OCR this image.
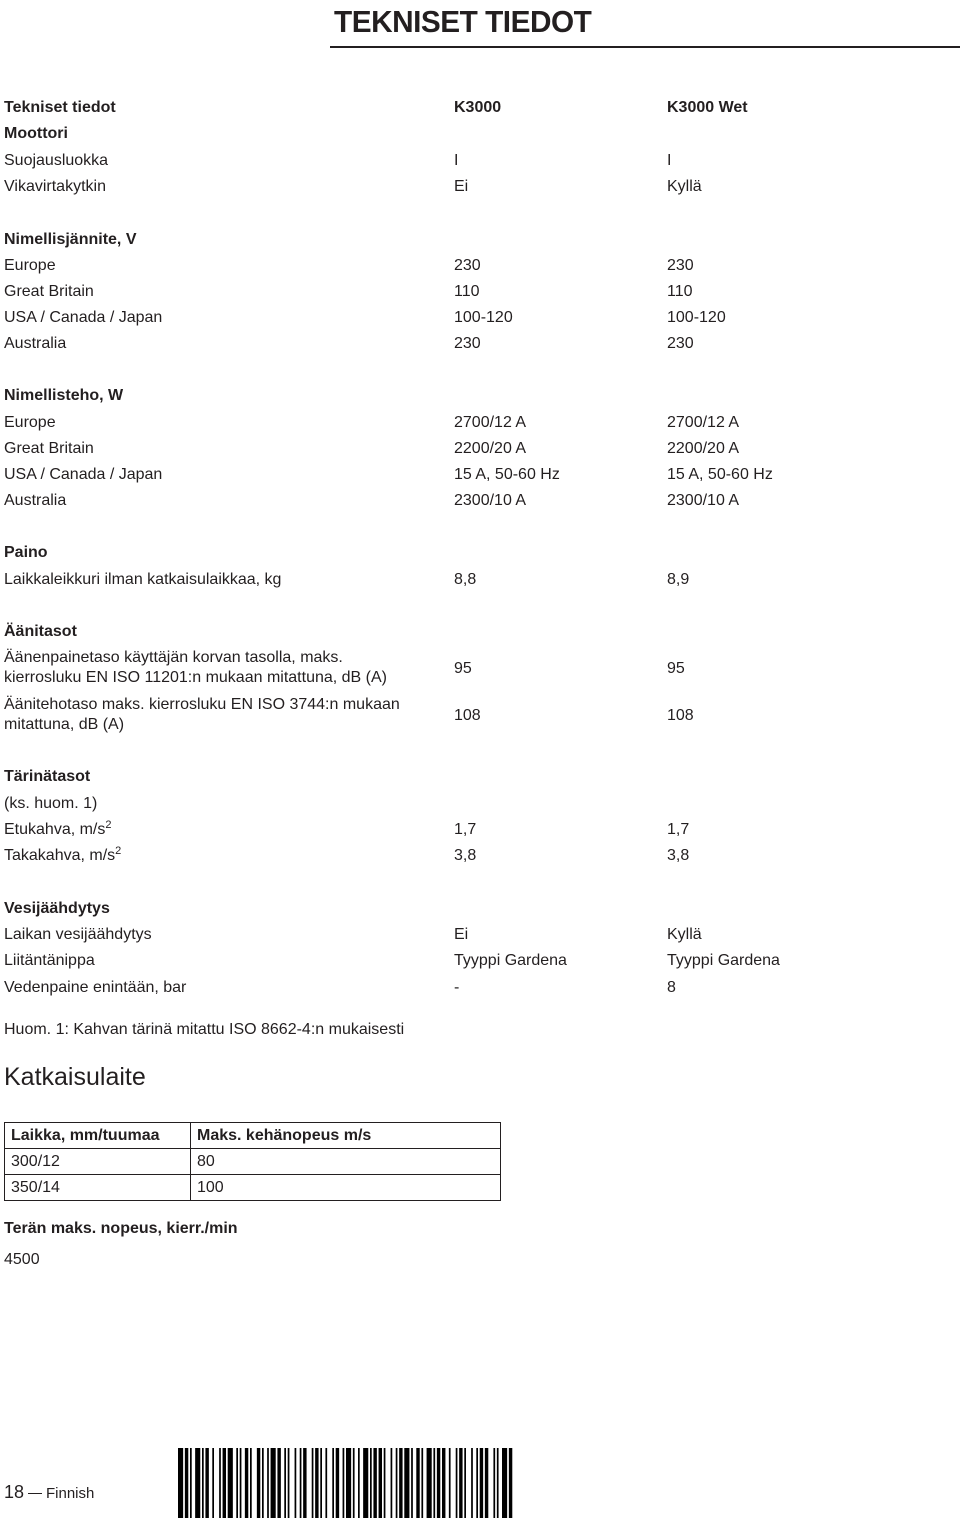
TEKNISET TIEDOT
Tekniset tiedot	K3000	K3000 Wet
Moottori
Suojausluokka	I	I
Vikavirtakytkin	Ei	Kyllä
Nimellisjännite, V
Europe	230	230
Great Britain	110	110
USA / Canada / Japan	100-120	100-120
Australia	230	230
Nimellisteho, W
Europe	2700/12 A	2700/12 A
Great Britain	2200/20 A	2200/20 A
USA / Canada / Japan	15 A, 50-60 Hz	15 A, 50-60 Hz
Australia	2300/10 A	2300/10 A
Paino
Laikkaleikkuri ilman katkaisulaikkaa, kg	8,8	8,9
Äänitasot
Äänenpainetaso käyttäjän korvan tasolla, maks.
kierrosluku EN ISO 11201:n mukaan mitattuna, dB (A)
95	95
Äänitehotaso maks. kierrosluku EN ISO 3744:n mukaan
mitattuna, dB (A)
108	108
Tärinätasot
(ks. huom. 1)
Etukahva, $m/s^2$	1,7	1,7
Takakahva, $m/s^2$	3,8	3,8
Vesijäähdytys
Laikan vesijäähdytys	Ei	Kyllä
Liitäntänippa	Tyyppi Gardena	Tyyppi Gardena
Vedenpaine enintään, bar	-	8
Huom. 1: Kahvan tärinä mitattu ISO 8662-4:n mukaisesti
Katkaisulaite
Laikka, mm/tuumaa	Maks. kehänopeus m/s
300/12	80
350/14	100
Terän maks. nopeus, kierr./min
4500
18 Finnish
